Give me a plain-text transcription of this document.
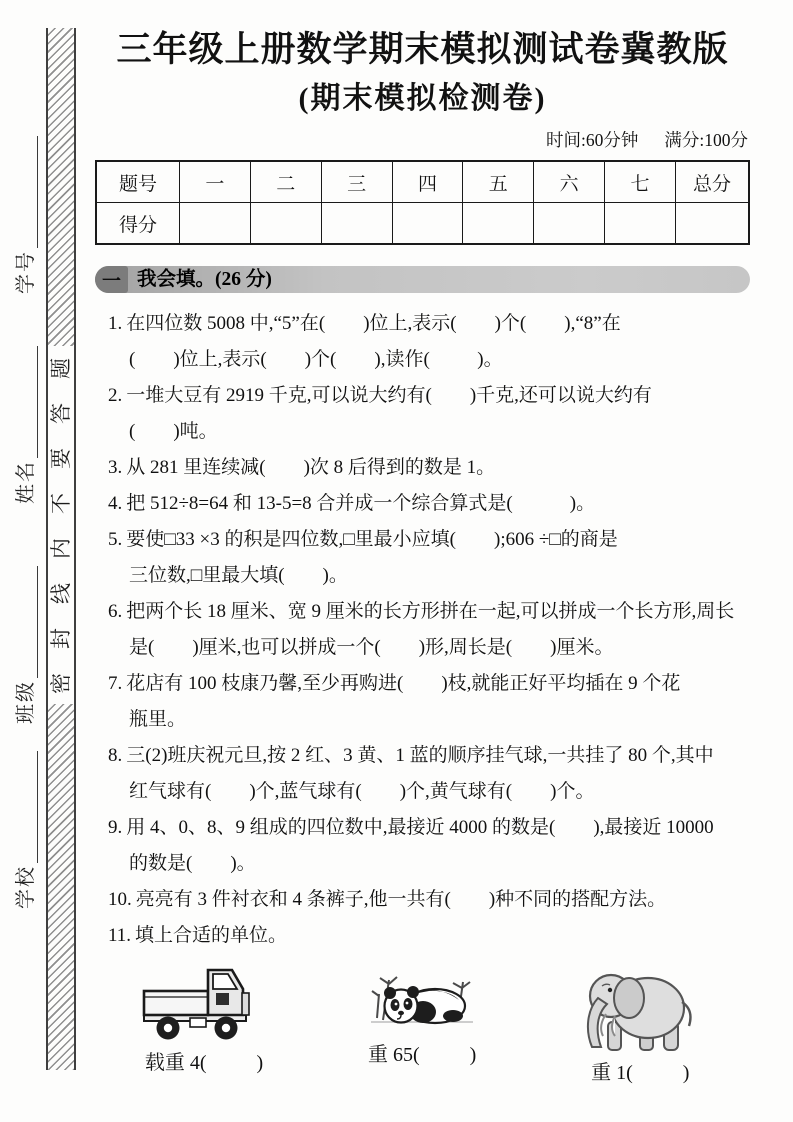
学号
姓名
班级
学校
题
答
要
不
内
线
封
密
三年级上册数学期末模拟测试卷冀教版
(期末模拟检测卷)
时间:60分钟 满分:100分
题号	一	二	三	四	五	六	七	总分
得分								
一 我会填。(26 分)
1. 在四位数 5008 中,“5”在(        )位上,表示(        )个(        ),“8”在
(        )位上,表示(        )个(        ),读作(          )。
2. 一堆大豆有 2919 千克,可以说大约有(        )千克,还可以说大约有
(        )吨。
3. 从 281 里连续减(        )次 8 后得到的数是 1。
4. 把 512÷8=64 和 13-5=8 合并成一个综合算式是(            )。
5. 要使□33 ×3 的积是四位数,□里最小应填(        );606 ÷□的商是
三位数,□里最大填(        )。
6. 把两个长 18 厘米、宽 9 厘米的长方形拼在一起,可以拼成一个长方形,周长
是(        )厘米,也可以拼成一个(        )形,周长是(        )厘米。
7. 花店有 100 枝康乃馨,至少再购进(        )枝,就能正好平均插在 9 个花
瓶里。
8. 三(2)班庆祝元旦,按 2 红、3 黄、1 蓝的顺序挂气球,一共挂了 80 个,其中
红气球有(        )个,蓝气球有(        )个,黄气球有(        )个。
9. 用 4、0、8、9 组成的四位数中,最接近 4000 的数是(        ),最接近 10000
的数是(        )。
10. 亮亮有 3 件衬衣和 4 条裤子,他一共有(        )种不同的搭配方法。
11. 填上合适的单位。
载重 4(          )	重 65(          )
重 1(          )
